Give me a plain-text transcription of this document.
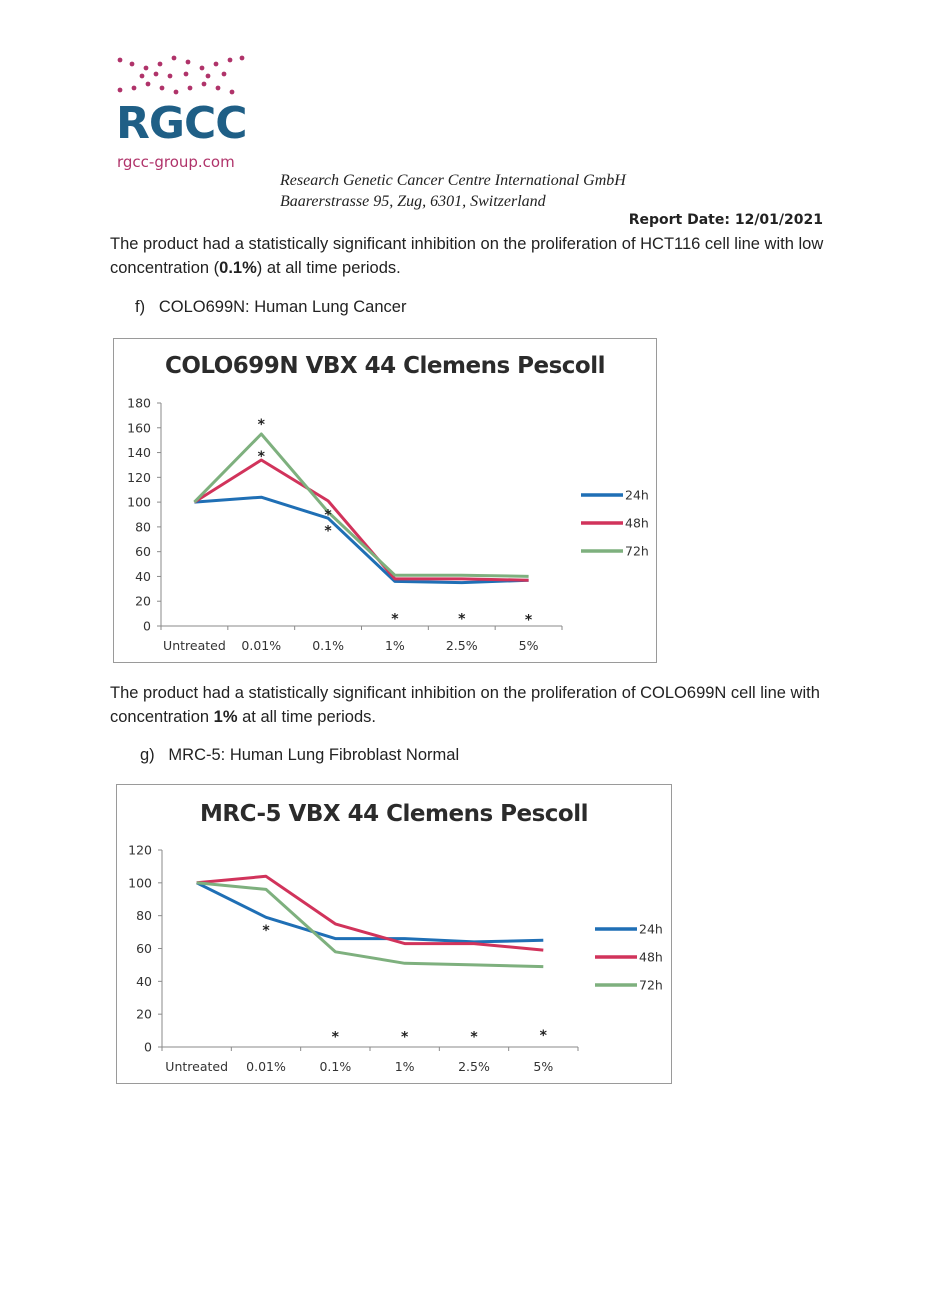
RGCC
rgcc-group.com
Research Genetic Cancer Centre International GmbH
Baarerstrasse 95, Zug, 6301, Switzerland
Report Date: 12/01/2021
The product had a statistically significant inhibition on the proliferation of HCT116 cell line with low concentration (0.1%) at all time periods.
f)   COLO699N: Human Lung Cancer
COLO699N VBX 44 Clemens Pescoll
0
20
40
60
80
100
120
140
160
180
Untreated 0.01% 0.1%	1%	2.5%	5%
*
*
*
*
*	*	*
24h
48h
72h
The product had a statistically significant inhibition on the proliferation of COLO699N cell line with concentration 1% at all time periods.
g)   MRC-5: Human Lung Fibroblast Normal
MRC-5 VBX 44 Clemens Pescoll
0
20
40
60
80
100
120
Untreated 0.01%	0.1%	1%	2.5%	5%
*
*	*	*	*
24h
48h
72h
